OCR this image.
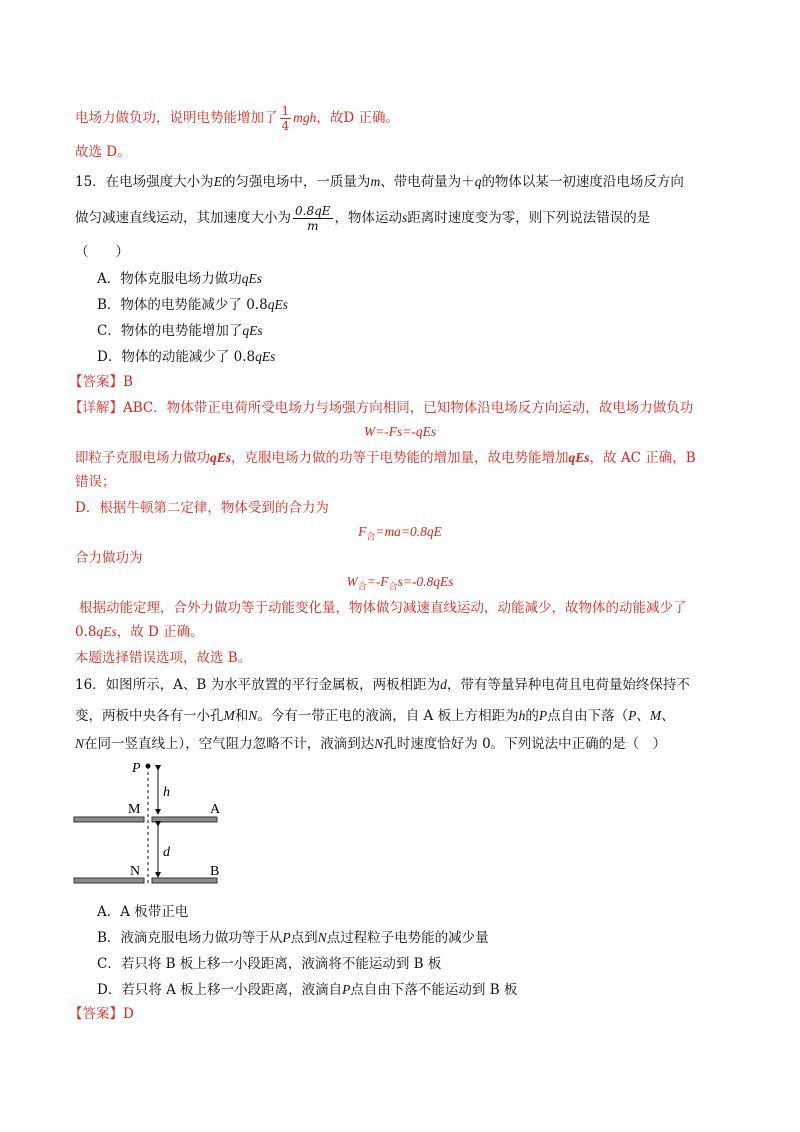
电场力做负功，说明电势能增加了 $\frac{1}{4}$ mgh，故D 正确。
故选 D。
15．在电场强度大小为E的匀强电场中，一质量为m、带电荷量为＋q的物体以某一初速度沿电场反方向
做匀减速直线运动，其加速度大小为 $\frac{0.8qE}{m}$ ，物体运动s距离时速度变为零，则下列说法错误的是
（　　）
A．物体克服电场力做功qEs
B．物体的电势能减少了 0.8qEs
C．物体的电势能增加了qEs
D．物体的动能减少了 0.8qEs
【答案】B
【详解】ABC．物体带正电荷所受电场力与场强方向相同，已知物体沿电场反方向运动，故电场力做负功
W=-Fs=-qEs
即粒子克服电场力做功qEs，克服电场力做的功等于电势能的增加量，故电势能增加qEs，故 AC 正确，B
错误；
D．根据牛顿第二定律，物体受到的合力为
$F_合=ma=0.8qE$
合力做功为
$W_合=-F_合s=-0.8qEs$
根据动能定理，合外力做功等于动能变化量，物体做匀减速直线运动，动能减少，故物体的动能减少了
0.8qEs，故 D 正确。
本题选择错误选项，故选 B。
16．如图所示，A、B 为水平放置的平行金属板，两板相距为d，带有等量异种电荷且电荷量始终保持不
变，两板中央各有一小孔M和N。今有一带正电的液滴，自 A 板上方相距为h的P点自由下落（P、M、
N在同一竖直线上），空气阻力忽略不计，液滴到达N孔时速度恰好为 0。下列说法中正确的是（　）
P
h
M	A
d
N	B
A．A 板带正电
B．液滴克服电场力做功等于从P点到N点过程粒子电势能的减少量
C．若只将 B 板上移一小段距离，液滴将不能运动到 B 板
D．若只将 A 板上移一小段距离，液滴自P点自由下落不能运动到 B 板
【答案】D
